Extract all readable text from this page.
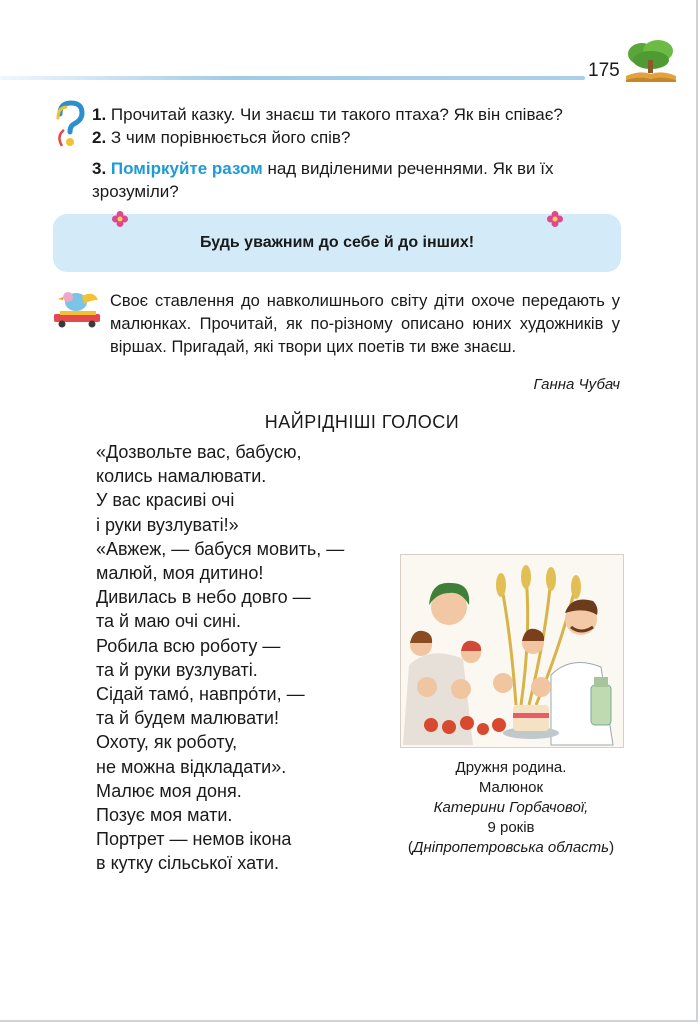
175
1. Прочитай казку. Чи знаєш ти такого птаха? Як він співає?
2. З чим порівнюється його спів?
3. Поміркуйте разом над виділеними реченнями. Як ви їх зрозуміли?
Будь уважним до себе й до інших!
Своє ставлення до навколишнього світу діти охоче передають у малюнках. Прочитай, як по-різному описано юних художників у віршах. Пригадай, які твори цих поетів ти вже знаєш.
Ганна Чубач
НАЙРІДНІШІ ГОЛОСИ
«Дозвольте вас, бабусю,
колись намалювати.
У вас красиві очі
і руки вузлуваті!»
«Авжеж, — бабуся мовить, —
малюй, моя дитино!
Дивилась в небо довго —
та й маю очі сині.
Робила всю роботу —
та й руки вузлуваті.
Сідай тамо́, навпро́ти, —
та й будем малювати!
Охоту, як роботу,
не можна відкладати».
Малює моя доня.
Позує моя мати.
Портрет — немов ікона
в кутку сільської хати.
Дружня родина.
Малюнок
Катерини Горбачової,
9 років
(Дніпропетровська область)
